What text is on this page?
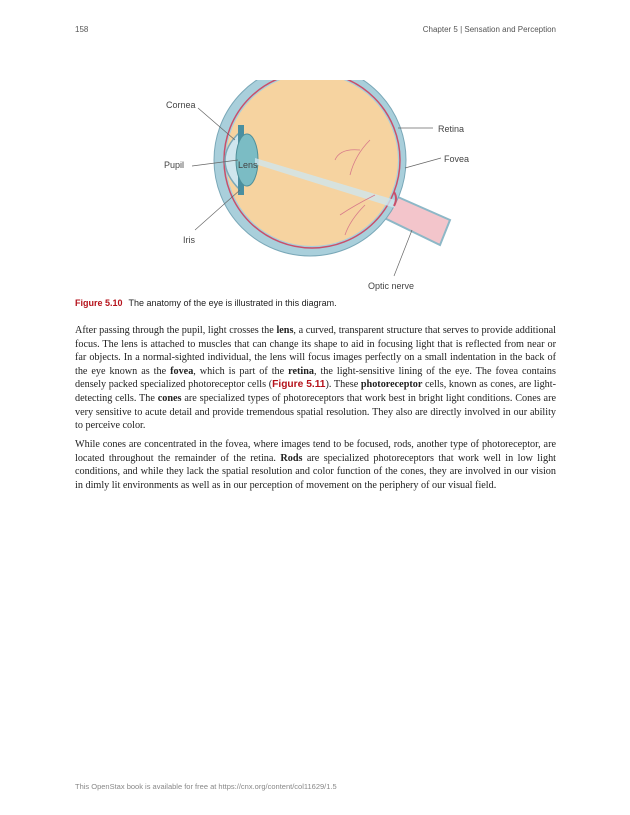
158	Chapter 5 | Sensation and Perception
Cornea
Pupil	Lens
Iris
Retina
Fovea
Optic nerve
Figure 5.10 The anatomy of the eye is illustrated in this diagram.

After passing through the pupil, light crosses the lens, a curved, transparent structure that serves to provide additional focus. The lens is attached to muscles that can change its shape to aid in focusing light that is reflected from near or far objects. In a normal-sighted individual, the lens will focus images perfectly on a small indentation in the back of the eye known as the fovea, which is part of the retina, the light-sensitive lining of the eye. The fovea contains densely packed specialized photoreceptor cells (Figure 5.11). These photoreceptor cells, known as cones, are light-detecting cells. The cones are specialized types of photoreceptors that work best in bright light conditions. Cones are very sensitive to acute detail and provide tremendous spatial resolution. They also are directly involved in our ability to perceive color.

While cones are concentrated in the fovea, where images tend to be focused, rods, another type of photoreceptor, are located throughout the remainder of the retina. Rods are specialized photoreceptors that work well in low light conditions, and while they lack the spatial resolution and color function of the cones, they are involved in our vision in dimly lit environments as well as in our perception of movement on the periphery of our visual field.

This OpenStax book is available for free at https://cnx.org/content/col11629/1.5
